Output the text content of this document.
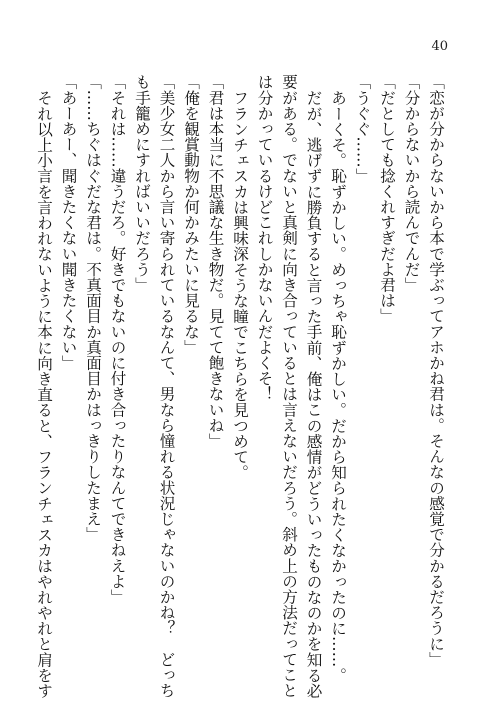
40
「恋が分からないから本で学ぶってアホかね君は。そんなの感覚で分かるだろうに」
「分からないから読んでんだ」
「だとしても捻くれすぎだよ君は」
「うぐぐ……」
あーくそ。恥ずかしい。めっちゃ恥ずかしい。だから知られたくなかったのに……。
だが、逃げずに勝負すると言った手前、俺はこの感情がどういったものなのかを知る必
要がある。でないと真剣に向き合っているとは言えないだろう。斜め上の方法だってこと
は分かっているけどこれしかないんだよくそ！
フランチェスカは興味深そうな瞳でこちらを見つめて。
「君は本当に不思議な生き物だ。見てて飽きないね」
「俺を観賞動物か何かみたいに見るな」
「美少女二人から言い寄られているなんて、男なら憧れる状況じゃないのかね？　どっち
も手籠めにすればいいだろう」
「それは……違うだろ。好きでもないのに付き合ったりなんてできねえよ」
「……ちぐはぐだな君は。不真面目か真面目かはっきりしたまえ」
「あーあー、聞きたくない聞きたくない」
それ以上小言を言われないように本に向き直ると、フランチェスカはやれやれと肩をす
